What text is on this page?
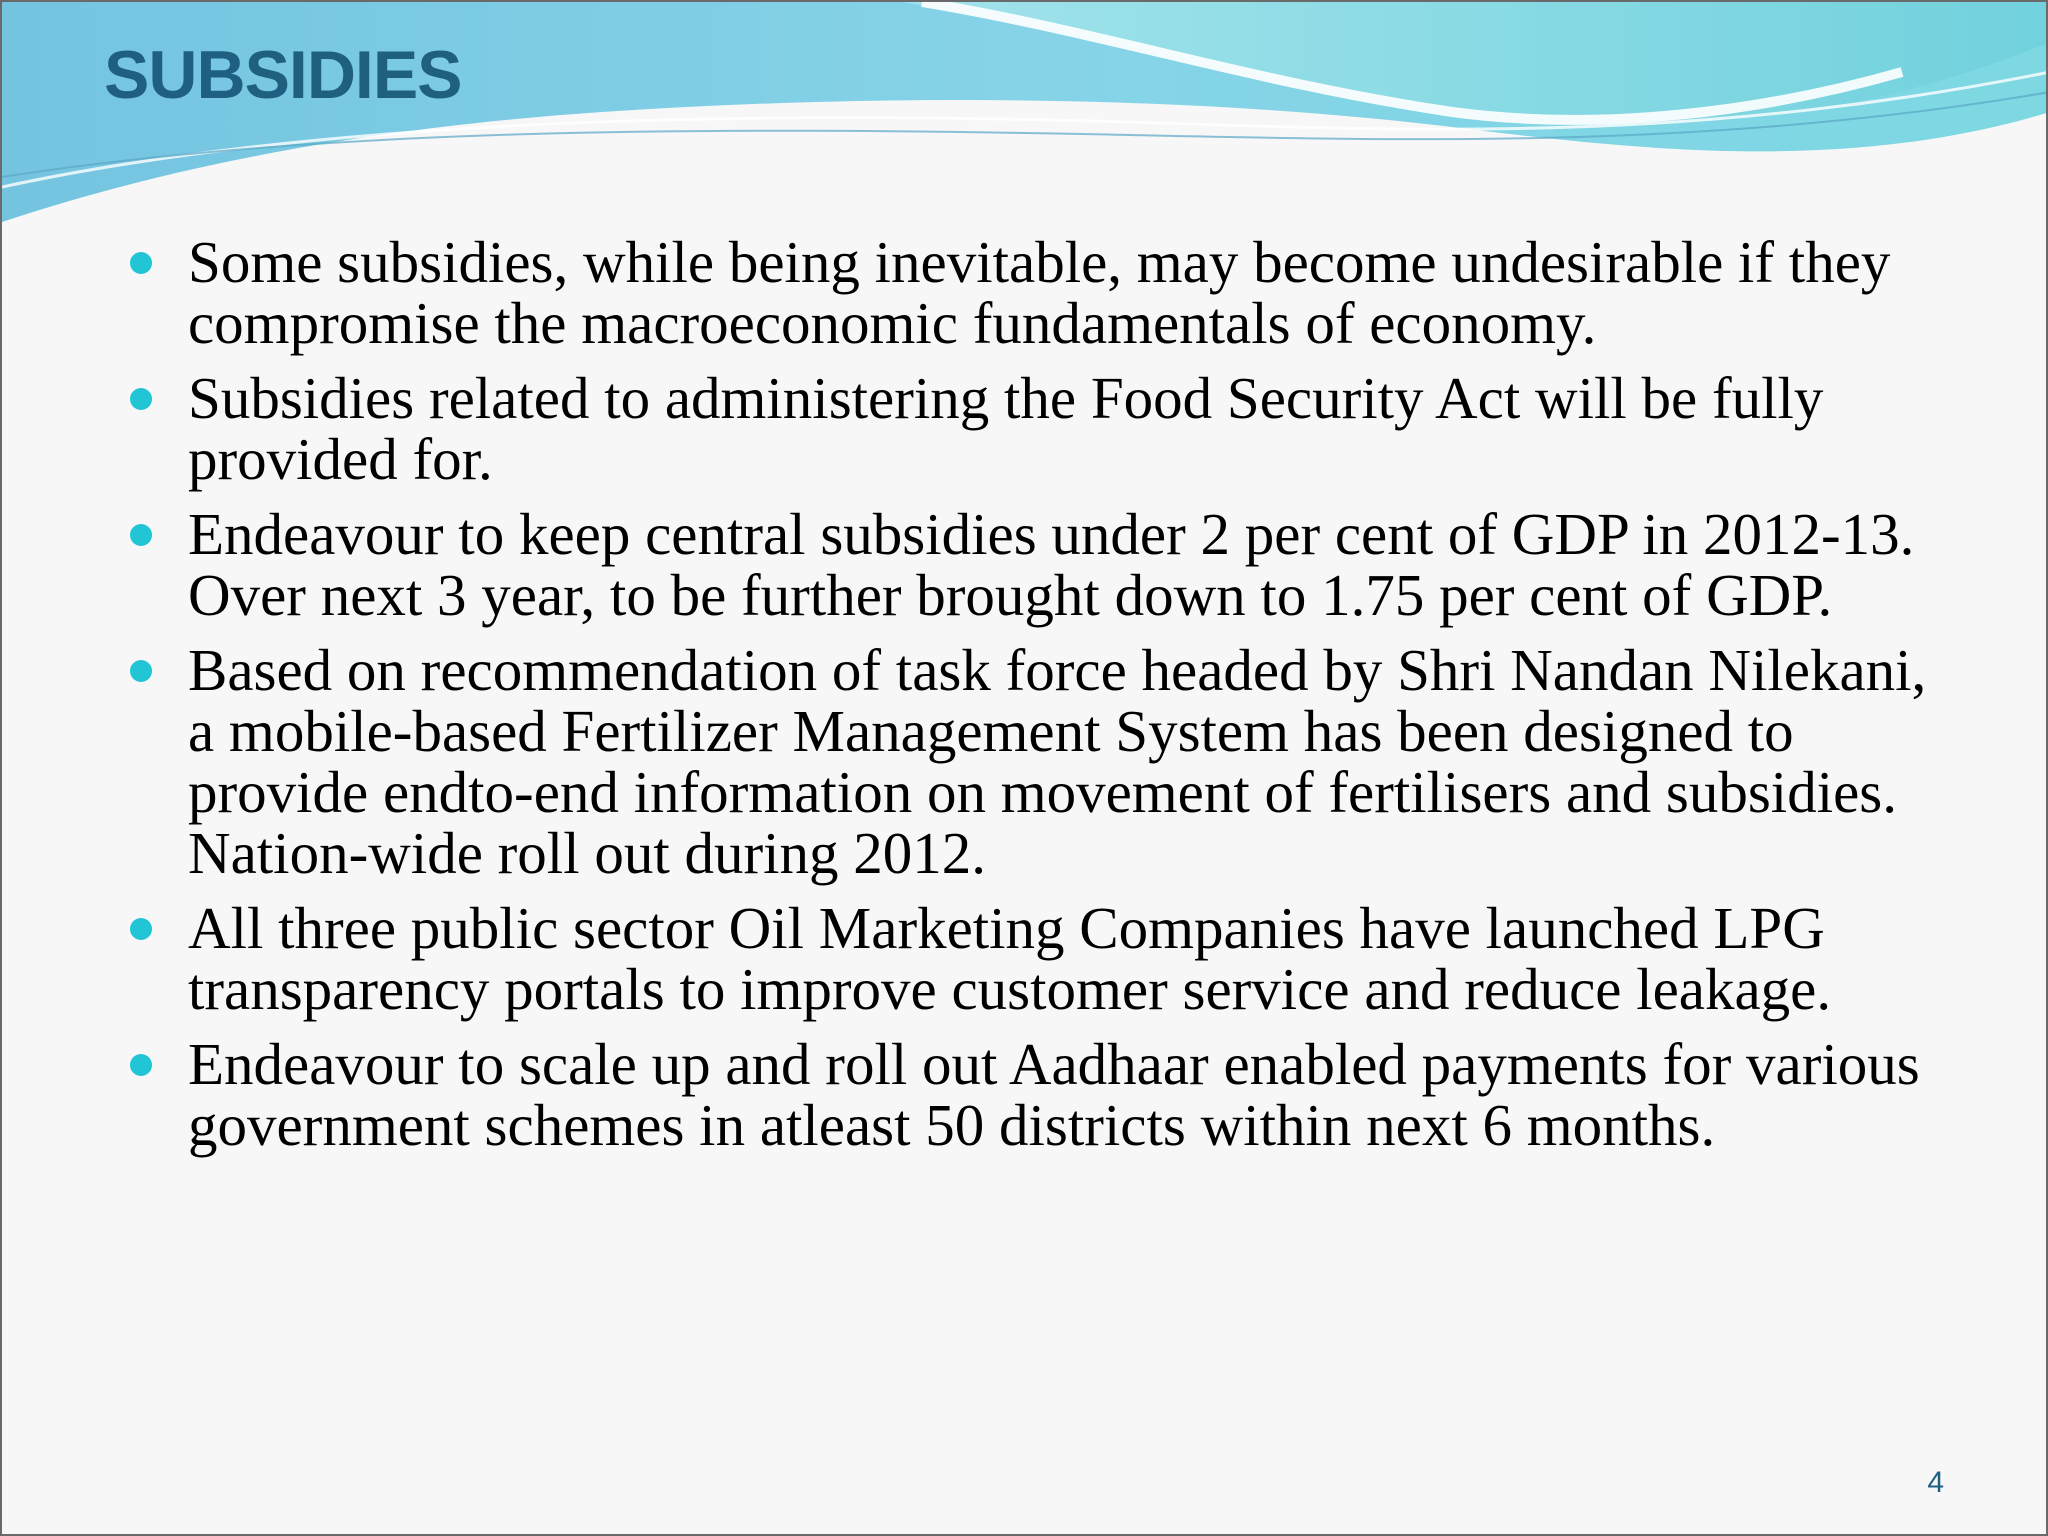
SUBSIDIES
Some subsidies, while being inevitable, may become undesirable if they compromise the macroeconomic fundamentals of economy.
Subsidies related to administering the Food Security Act will be fully provided for.
Endeavour to keep central subsidies under 2 per cent of GDP in 2012-13. Over next 3 year, to be further brought down to 1.75 per cent of GDP.
Based on recommendation of task force headed by Shri Nandan Nilekani, a mobile-based Fertilizer Management System has been designed to provide endto-end information on movement of fertilisers and subsidies. Nation-wide roll out during 2012.
All three public sector Oil Marketing Companies have launched LPG transparency portals to improve customer service and reduce leakage.
Endeavour to scale up and roll out Aadhaar enabled payments for various government schemes in atleast 50 districts within next 6 months.
4
